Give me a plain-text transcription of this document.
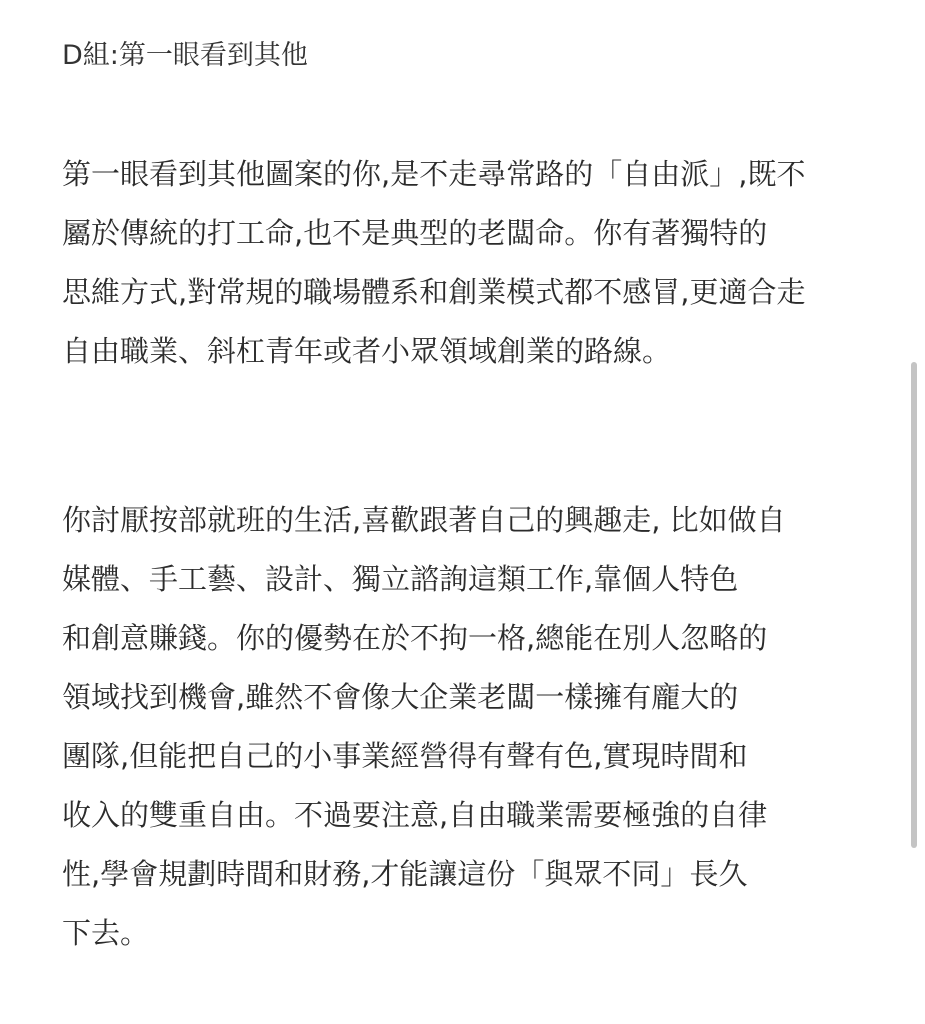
D組:第一眼看到其他
第一眼看到其他圖案的你,是不走尋常路的「自由派」,既不
屬於傳統的打工命,也不是典型的老闆命。你有著獨特的
思維方式,對常規的職場體系和創業模式都不感冒,更適合走
自由職業、斜杠青年或者小眾領域創業的路線。
你討厭按部就班的生活,喜歡跟著自己的興趣走, 比如做自
媒體、手工藝、設計、獨立諮詢這類工作,靠個人特色
和創意賺錢。你的優勢在於不拘一格,總能在別人忽略的
領域找到機會,雖然不會像大企業老闆一樣擁有龐大的
團隊,但能把自己的小事業經營得有聲有色,實現時間和
收入的雙重自由。不過要注意,自由職業需要極強的自律
性,學會規劃時間和財務,才能讓這份「與眾不同」長久
下去。
